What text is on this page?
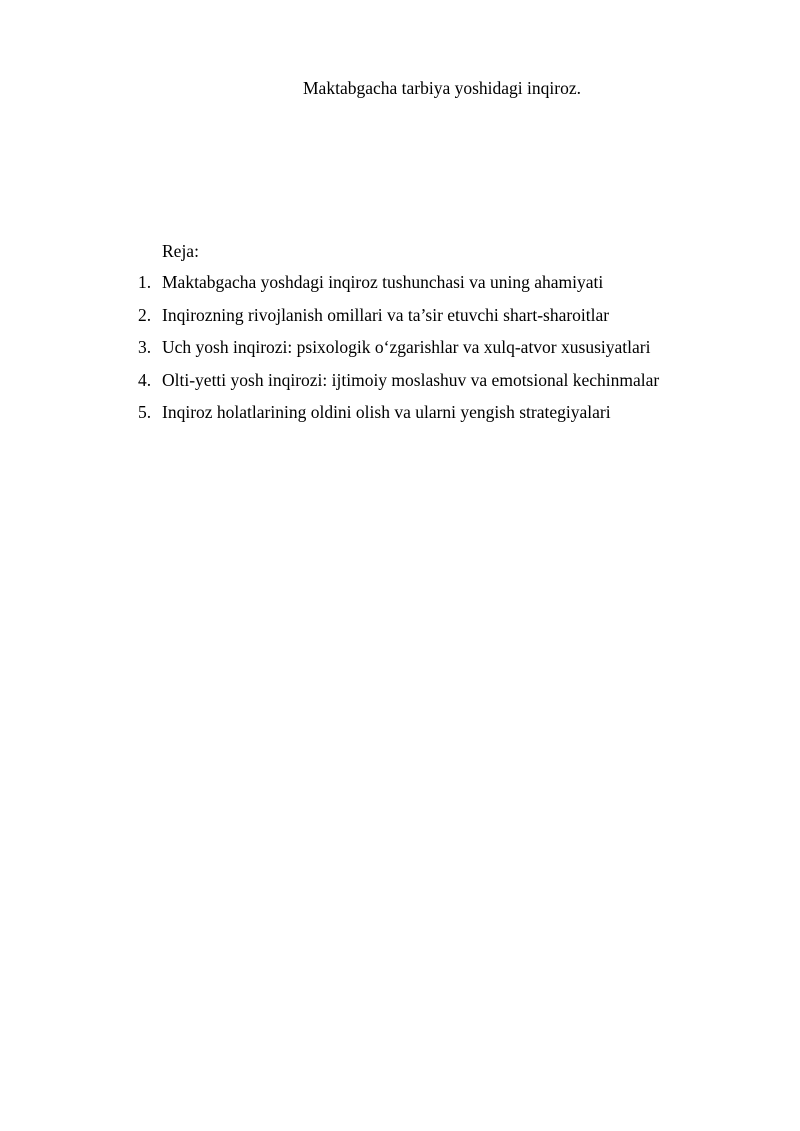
Maktabgacha tarbiya yoshidagi inqiroz.
Reja:
1. Maktabgacha yoshdagi inqiroz tushunchasi va uning ahamiyati
2. Inqirozning rivojlanish omillari va ta’sir etuvchi shart-sharoitlar
3. Uch yosh inqirozi: psixologik o‘zgarishlar va xulq-atvor xususiyatlari
4. Olti-yetti yosh inqirozi: ijtimoiy moslashuv va emotsional kechinmalar
5. Inqiroz holatlarining oldini olish va ularni yengish strategiyalari
